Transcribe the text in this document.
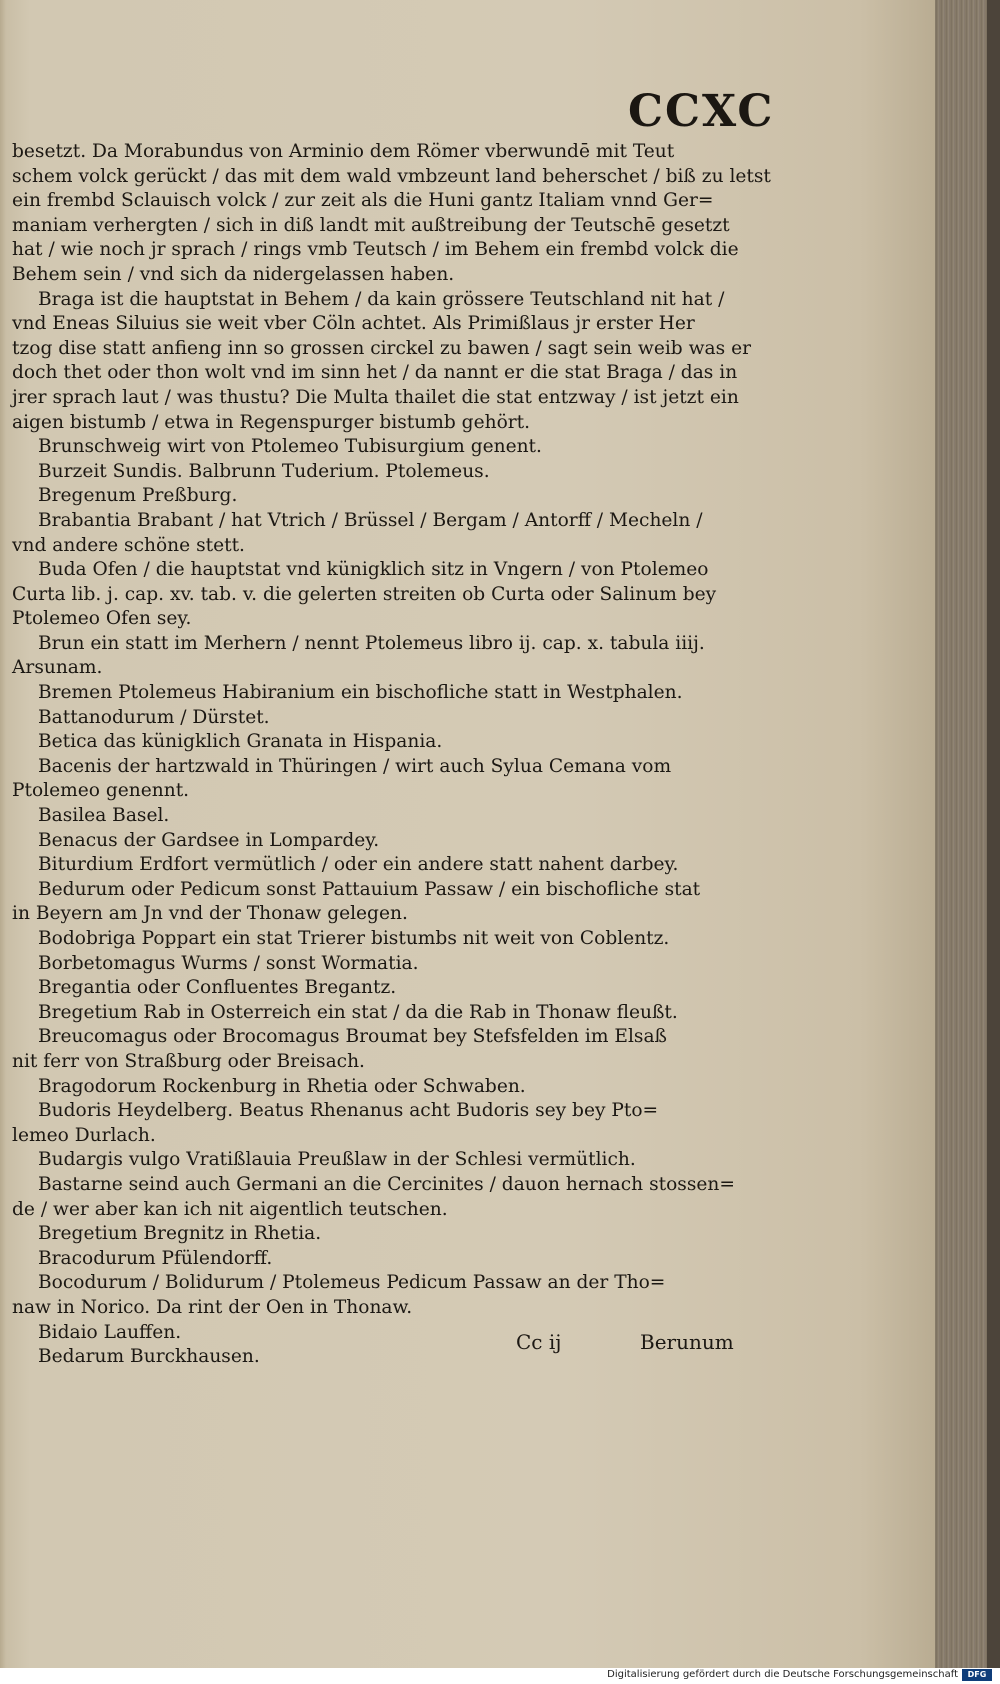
CCXC
besetzt. Da Morabundus von Arminio dem Römer vberwundē mit Teut
schem volck gerückt / das mit dem wald vmbzeunt land beherschet / biß zu letst
ein frembd Sclauisch volck / zur zeit als die Huni gantz Italiam vnnd Ger=
maniam verhergten / sich in diß landt mit außtreibung der Teutschē gesetzt
hat / wie noch jr sprach / rings vmb Teutsch / im Behem ein frembd volck die
Behem sein / vnd sich da nidergelassen haben.
Braga ist die hauptstat in Behem / da kain grössere Teutschland nit hat /
vnd Eneas Siluius sie weit vber Cöln achtet. Als Primißlaus jr erster Her
tzog dise statt anfieng inn so grossen circkel zu bawen / sagt sein weib was er
doch thet oder thon wolt vnd im sinn het / da nannt er die stat Braga / das in
jrer sprach laut / was thustu? Die Multa thailet die stat entzway / ist jetzt ein
aigen bistumb / etwa in Regenspurger bistumb gehört.
Brunschweig wirt von Ptolemeo Tubisurgium genent.
Burzeit Sundis. Balbrunn Tuderium. Ptolemeus.
Bregenum Preßburg.
Brabantia Brabant / hat Vtrich / Brüssel / Bergam / Antorff / Mecheln /
vnd andere schöne stett.
Buda Ofen / die hauptstat vnd künigklich sitz in Vngern / von Ptolemeo
Curta lib. j. cap. xv. tab. v. die gelerten streiten ob Curta oder Salinum bey
Ptolemeo Ofen sey.
Brun ein statt im Merhern / nennt Ptolemeus libro ij. cap. x. tabula iiij.
Arsunam.
Bremen Ptolemeus Habiranium ein bischofliche statt in Westphalen.
Battanodurum / Dürstet.
Betica das künigklich Granata in Hispania.
Bacenis der hartzwald in Thüringen / wirt auch Sylua Cemana vom
Ptolemeo genennt.
Basilea Basel.
Benacus der Gardsee in Lompardey.
Biturdium Erdfort vermütlich / oder ein andere statt nahent darbey.
Bedurum oder Pedicum sonst Pattauium Passaw / ein bischofliche stat
in Beyern am Jn vnd der Thonaw gelegen.
Bodobriga Poppart ein stat Trierer bistumbs nit weit von Coblentz.
Borbetomagus Wurms / sonst Wormatia.
Bregantia oder Confluentes Bregantz.
Bregetium Rab in Osterreich ein stat / da die Rab in Thonaw fleußt.
Breucomagus oder Brocomagus Broumat bey Stefsfelden im Elsaß
nit ferr von Straßburg oder Breisach.
Bragodorum Rockenburg in Rhetia oder Schwaben.
Budoris Heydelberg. Beatus Rhenanus acht Budoris sey bey Pto=
lemeo Durlach.
Budargis vulgo Vratißlauia Preußlaw in der Schlesi vermütlich.
Bastarne seind auch Germani an die Cercinites / dauon hernach stossen=
de / wer aber kan ich nit aigentlich teutschen.
Bregetium Bregnitz in Rhetia.
Bracodurum Pfülendorff.
Bocodurum / Bolidurum / Ptolemeus Pedicum Passaw an der Tho=
naw in Norico. Da rint der Oen in Thonaw.
Bidaio Lauffen.
Bedarum Burckhausen.
Cc ij	Berunum
Digitalisierung gefördert durch die Deutsche Forschungsgemeinschaft	DFG
